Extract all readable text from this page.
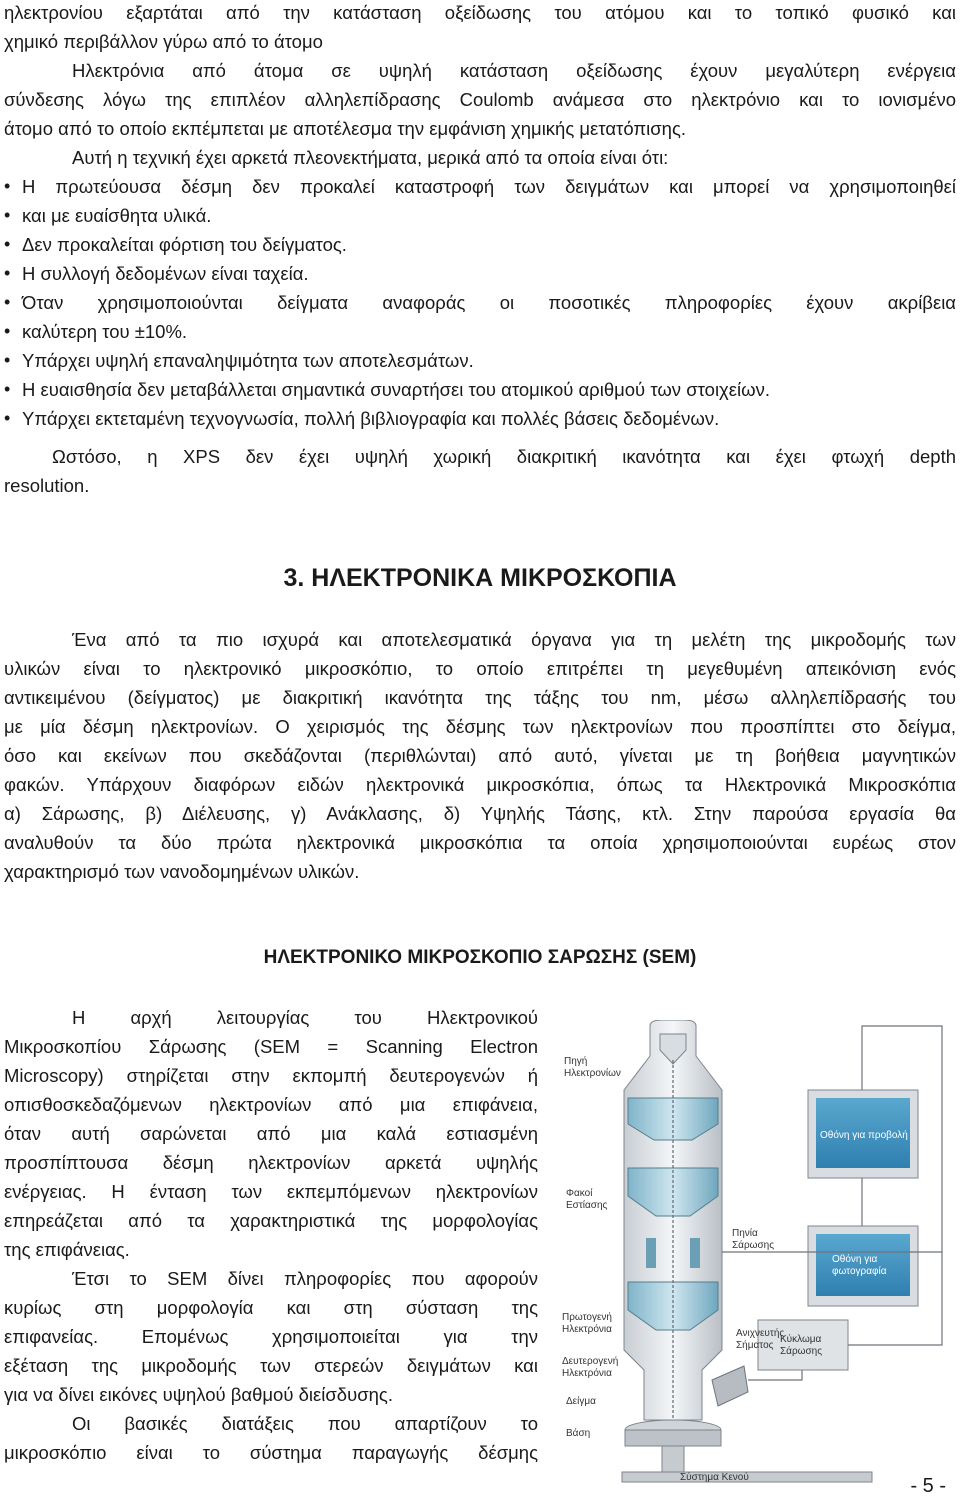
ηλεκτρονίου εξαρτάται από την κατάσταση οξείδωσης του ατόμου και το τοπικό φυσικό και
χημικό περιβάλλον γύρω από το άτομο
Ηλεκτρόνια από άτομα σε υψηλή κατάσταση οξείδωσης έχουν μεγαλύτερη ενέργεια
σύνδεσης λόγω της επιπλέον αλληλεπίδρασης Coulomb ανάμεσα στο ηλεκτρόνιο και το ιονισμένο
άτομο από το οποίο εκπέμπεται με αποτέλεσμα την εμφάνιση χημικής μετατόπισης.
Αυτή η τεχνική έχει αρκετά πλεονεκτήματα, μερικά από τα οποία είναι ότι:
• Η πρωτεύουσα δέσμη δεν προκαλεί καταστροφή των δειγμάτων και μπορεί να χρησιμοποιηθεί
• και με ευαίσθητα υλικά.
• Δεν προκαλείται φόρτιση του δείγματος.
• Η συλλογή δεδομένων είναι ταχεία.
• Όταν χρησιμοποιούνται δείγματα αναφοράς οι ποσοτικές πληροφορίες έχουν ακρίβεια
• καλύτερη του ±10%.
• Υπάρχει υψηλή επαναληψιμότητα των αποτελεσμάτων.
• Η ευαισθησία δεν μεταβάλλεται σημαντικά συναρτήσει του ατομικού αριθμού των στοιχείων.
• Υπάρχει εκτεταμένη τεχνογνωσία, πολλή βιβλιογραφία και πολλές βάσεις δεδομένων.
Ωστόσο, η XPS δεν έχει υψηλή χωρική διακριτική ικανότητα και έχει φτωχή depth
resolution.
3. ΗΛΕΚΤΡΟΝΙΚΑ ΜΙΚΡΟΣΚΟΠΙΑ
Ένα από τα πιο ισχυρά και αποτελεσματικά όργανα για τη μελέτη της μικροδομής των
υλικών είναι το ηλεκτρονικό μικροσκόπιο, το οποίο επιτρέπει τη μεγεθυμένη απεικόνιση ενός
αντικειμένου (δείγματος) με διακριτική ικανότητα της τάξης του nm, μέσω αλληλεπίδρασής του
με μία δέσμη ηλεκτρονίων. Ο χειρισμός της δέσμης των ηλεκτρονίων που προσπίπτει στο δείγμα,
όσο και εκείνων που σκεδάζονται (περιθλώνται) από αυτό, γίνεται με τη βοήθεια μαγνητικών
φακών. Υπάρχουν διαφόρων ειδών ηλεκτρονικά μικροσκόπια, όπως τα Ηλεκτρονικά Μικροσκόπια
α) Σάρωσης, β) Διέλευσης, γ) Ανάκλασης, δ) Υψηλής Τάσης, κτλ. Στην παρούσα εργασία θα
αναλυθούν τα δύο πρώτα ηλεκτρονικά μικροσκόπια τα οποία χρησιμοποιούνται ευρέως στον
χαρακτηρισμό των νανοδομημένων υλικών.
ΗΛΕΚΤΡΟΝΙΚΟ ΜΙΚΡΟΣΚΟΠΙΟ ΣΑΡΩΣΗΣ (SEM)
Η αρχή λειτουργίας του Ηλεκτρονικού
Μικροσκοπίου Σάρωσης (SEM = Scanning Electron
Microscopy) στηρίζεται στην εκπομπή δευτερογενών ή
οπισθοσκεδαζόμενων ηλεκτρονίων από μια επιφάνεια,
όταν αυτή σαρώνεται από μια καλά εστιασμένη
προσπίπτουσα δέσμη ηλεκτρονίων αρκετά υψηλής
ενέργειας. Η ένταση των εκπεμπόμενων ηλεκτρονίων
επηρεάζεται από τα χαρακτηριστικά της μορφολογίας
της επιφάνειας.
Έτσι το SEM δίνει πληροφορίες που αφορούν
κυρίως στη μορφολογία και στη σύσταση της
επιφανείας. Επομένως χρησιμοποιείται για την
εξέταση της μικροδομής των στερεών δειγμάτων και
για να δίνει εικόνες υψηλού βαθμού διείσδυσης.
Οι βασικές διατάξεις που απαρτίζουν το
μικροσκόπιο είναι το σύστημα παραγωγής δέσμης
Πηγή
Ηλεκτρονίων
Οθόνη για προβολή
Πηνία
Σάρωσης
Φακοί
Εστίασης
Οθόνη για
φωτογραφία
Κύκλωμα
Σάρωσης
Πρωτογενή
Ηλεκτρόνια	Ανιχνευτής
Σήματος
Δευτερογενή
Ηλεκτρόνια
Δείγμα
Βάση
Σύστημα Κενού	- 5 -
